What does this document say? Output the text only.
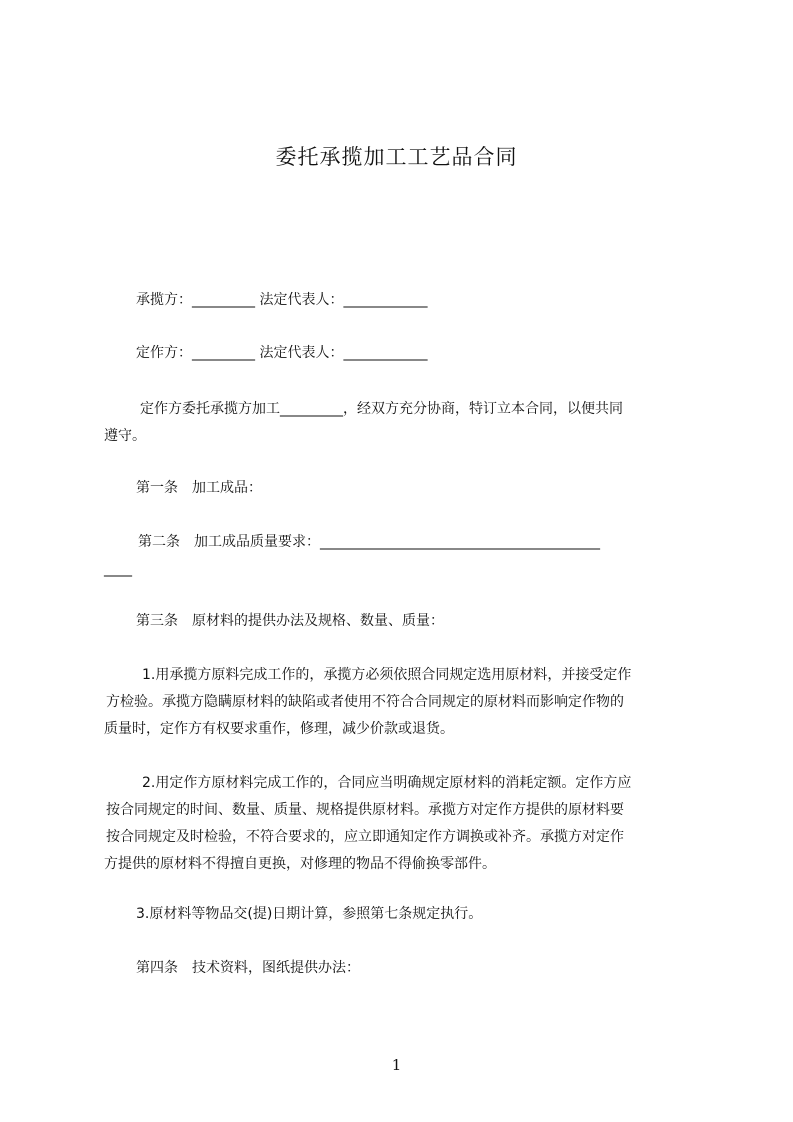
委托承揽加工工艺品合同
承揽方：_________ 法定代表人：____________
定作方：_________ 法定代表人：____________
定作方委托承揽方加工_________，经双方充分协商，特订立本合同，以便共同
遵守。
第一条　加工成品：
第二条　加工成品质量要求：________________________________________
____
第三条　原材料的提供办法及规格、数量、质量：
1.用承揽方原料完成工作的，承揽方必须依照合同规定选用原材料，并接受定作
方检验。承揽方隐瞒原材料的缺陷或者使用不符合合同规定的原材料而影响定作物的
质量时，定作方有权要求重作，修理，减少价款或退货。
2.用定作方原材料完成工作的，合同应当明确规定原材料的消耗定额。定作方应
按合同规定的时间、数量、质量、规格提供原材料。承揽方对定作方提供的原材料要
按合同规定及时检验，不符合要求的，应立即通知定作方调换或补齐。承揽方对定作
方提供的原材料不得擅自更换，对修理的物品不得偷换零部件。
3.原材料等物品交(提)日期计算，参照第七条规定执行。
第四条　技术资料，图纸提供办法：
1
